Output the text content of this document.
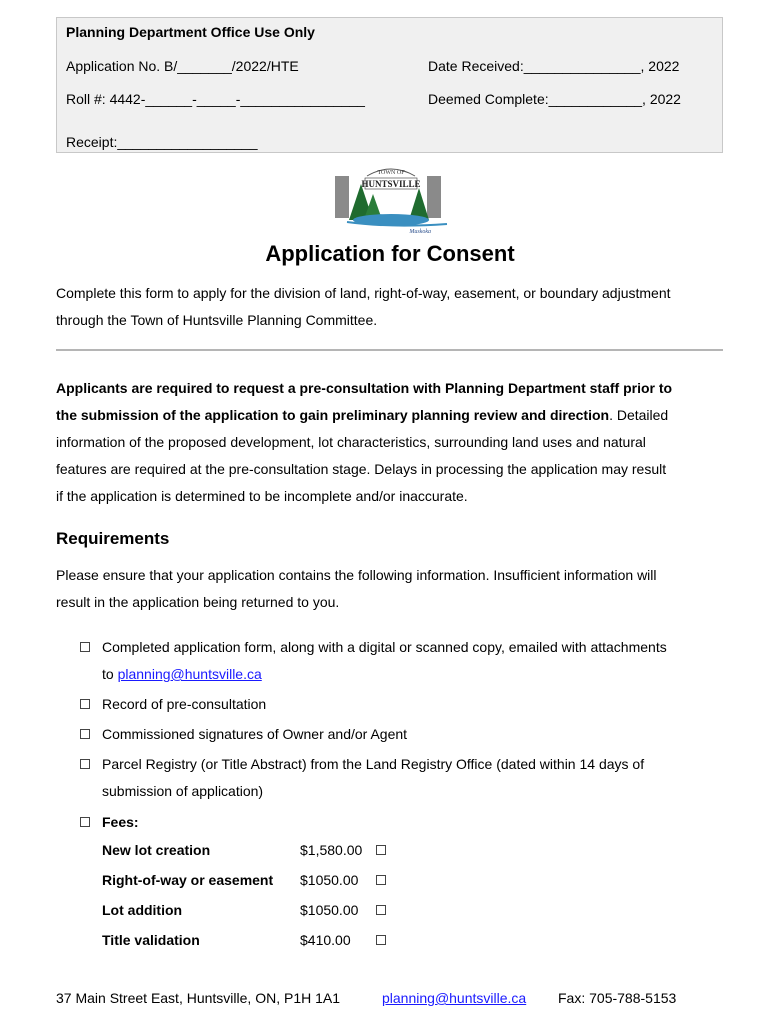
Planning Department Office Use Only
Application No. B/_______/2022/HTE	Date Received:_______________, 2022
Roll #: 4442-______-_____-________________	Deemed Complete:____________, 2022
Receipt:__________________
TOWN OF
HUNTSVILLE
Muskoka
Application for Consent
Complete this form to apply for the division of land, right-of-way, easement, or boundary adjustment
through the Town of Huntsville Planning Committee.
Applicants are required to request a pre-consultation with Planning Department staff prior to
the submission of the application to gain preliminary planning review and direction. Detailed
information of the proposed development, lot characteristics, surrounding land uses and natural
features are required at the pre-consultation stage. Delays in processing the application may result
if the application is determined to be incomplete and/or inaccurate.
Requirements
Please ensure that your application contains the following information. Insufficient information will
result in the application being returned to you.
Completed application form, along with a digital or scanned copy, emailed with attachments
to planning@huntsville.ca
Record of pre-consultation
Commissioned signatures of Owner and/or Agent
Parcel Registry (or Title Abstract) from the Land Registry Office (dated within 14 days of
submission of application)
Fees:
New lot creation	$1,580.00
Right-of-way or easement $1050.00
Lot addition	$1050.00
Title validation	$410.00
37 Main Street East, Huntsville, ON, P1H 1A1	planning@huntsville.ca Fax: 705-788-5153
